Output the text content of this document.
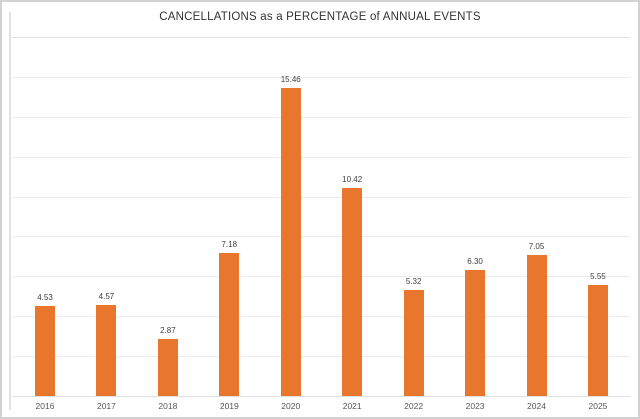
CANCELLATIONS as a PERCENTAGE of ANNUAL EVENTS
4.53	4.57
2.87
7.18
15.46
10.42
5.32
6.30
7.05
5.55
2016	2017	2018	2019	2020	2021	2022	2023	2024	2025
